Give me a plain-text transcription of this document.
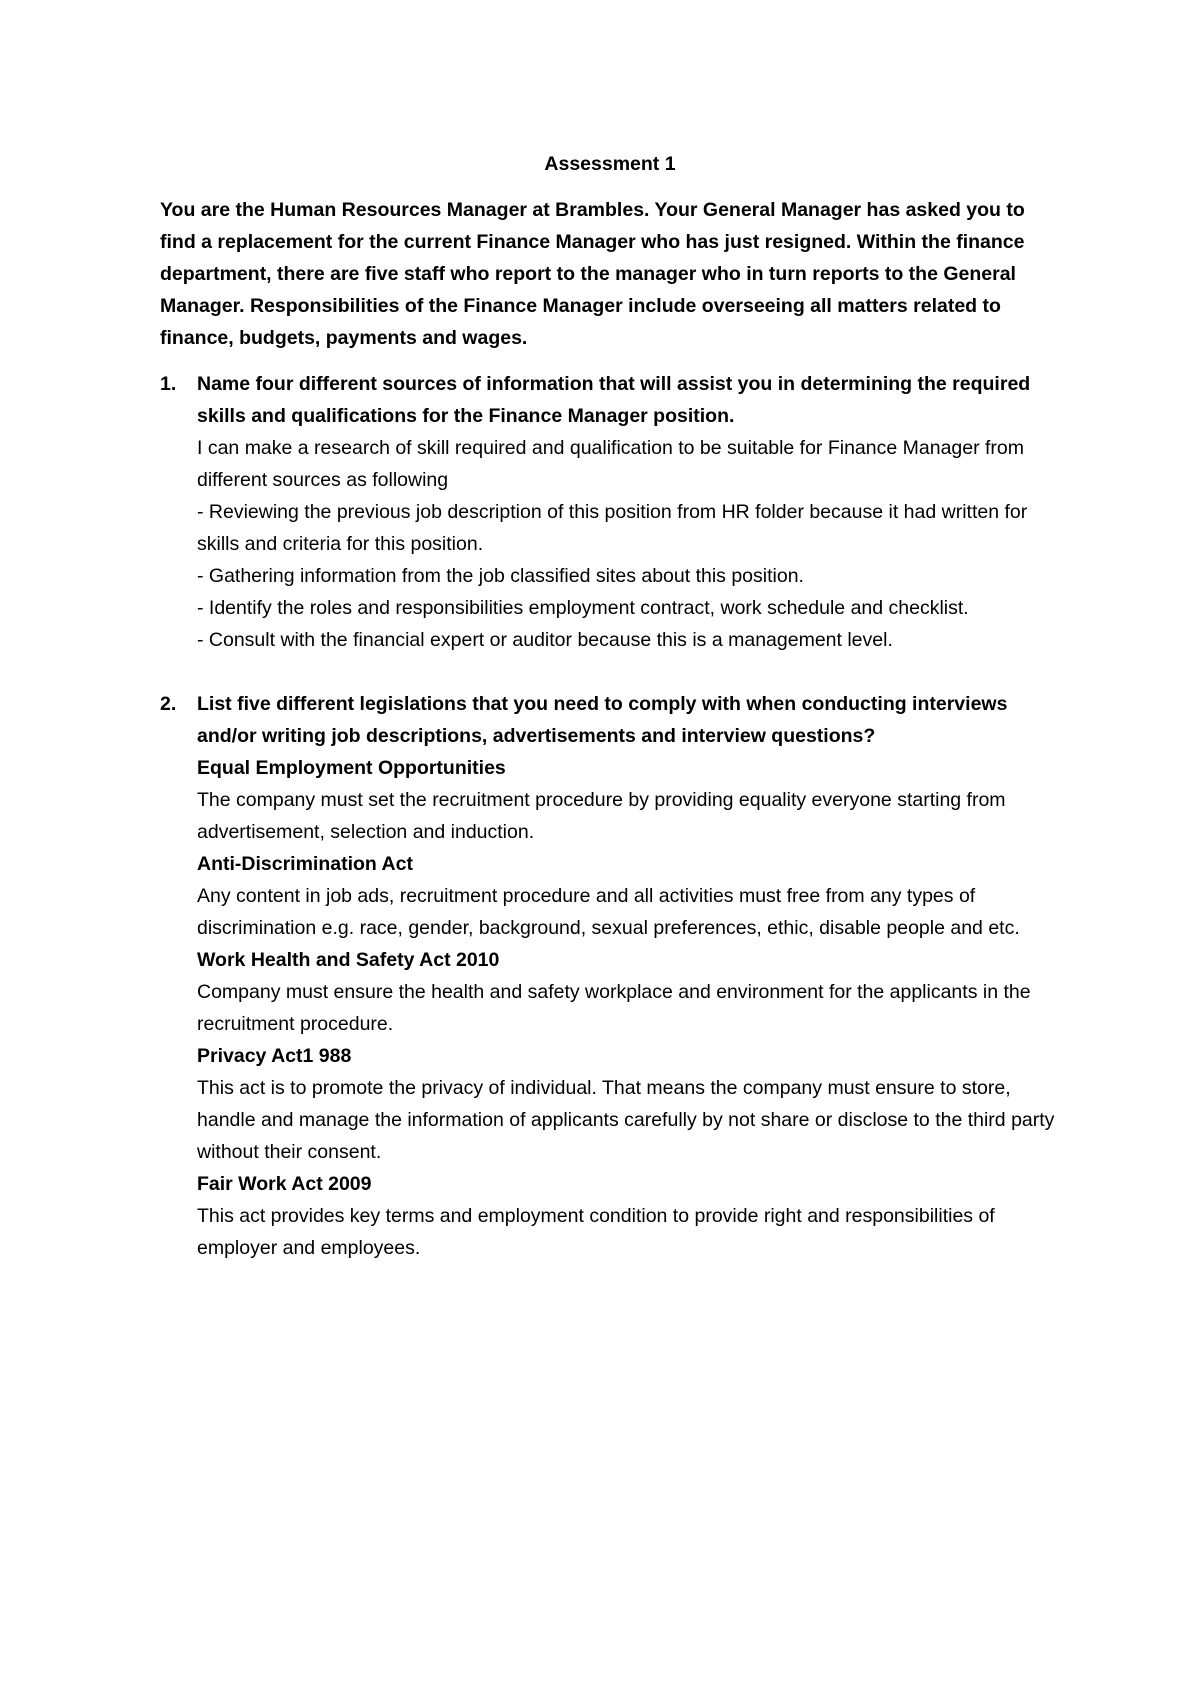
Assessment 1
You are the Human Resources Manager at Brambles. Your General Manager has asked you to find a replacement for the current Finance Manager who has just resigned. Within the finance department, there are five staff who report to the manager who in turn reports to the General Manager. Responsibilities of the Finance Manager include overseeing all matters related to finance, budgets, payments and wages.
1.	Name four different sources of information that will assist you in determining the required skills and qualifications for the Finance Manager position.
I can make a research of skill required and qualification to be suitable for Finance Manager from different sources as following
- Reviewing the previous job description of this position from HR folder because it had written for skills and criteria for this position.
- Gathering information from the job classified sites about this position.
- Identify the roles and responsibilities employment contract, work schedule and checklist.
- Consult with the financial expert or auditor because this is a management level.
2.	List five different legislations that you need to comply with when conducting interviews and/or writing job descriptions, advertisements and interview questions?
Equal Employment Opportunities
The company must set the recruitment procedure by providing equality everyone starting from advertisement, selection and induction.
Anti-Discrimination Act
Any content in job ads, recruitment procedure and all activities must free from any types of discrimination e.g. race, gender, background, sexual preferences, ethic, disable people and etc.
Work Health and Safety Act 2010
Company must ensure the health and safety workplace and environment for the applicants in the recruitment procedure.
Privacy Act1 988
This act is to promote the privacy of individual. That means the company must ensure to store, handle and manage the information of applicants carefully by not share or disclose to the third party without their consent.
Fair Work Act 2009
This act provides key terms and employment condition to provide right and responsibilities of employer and employees.
